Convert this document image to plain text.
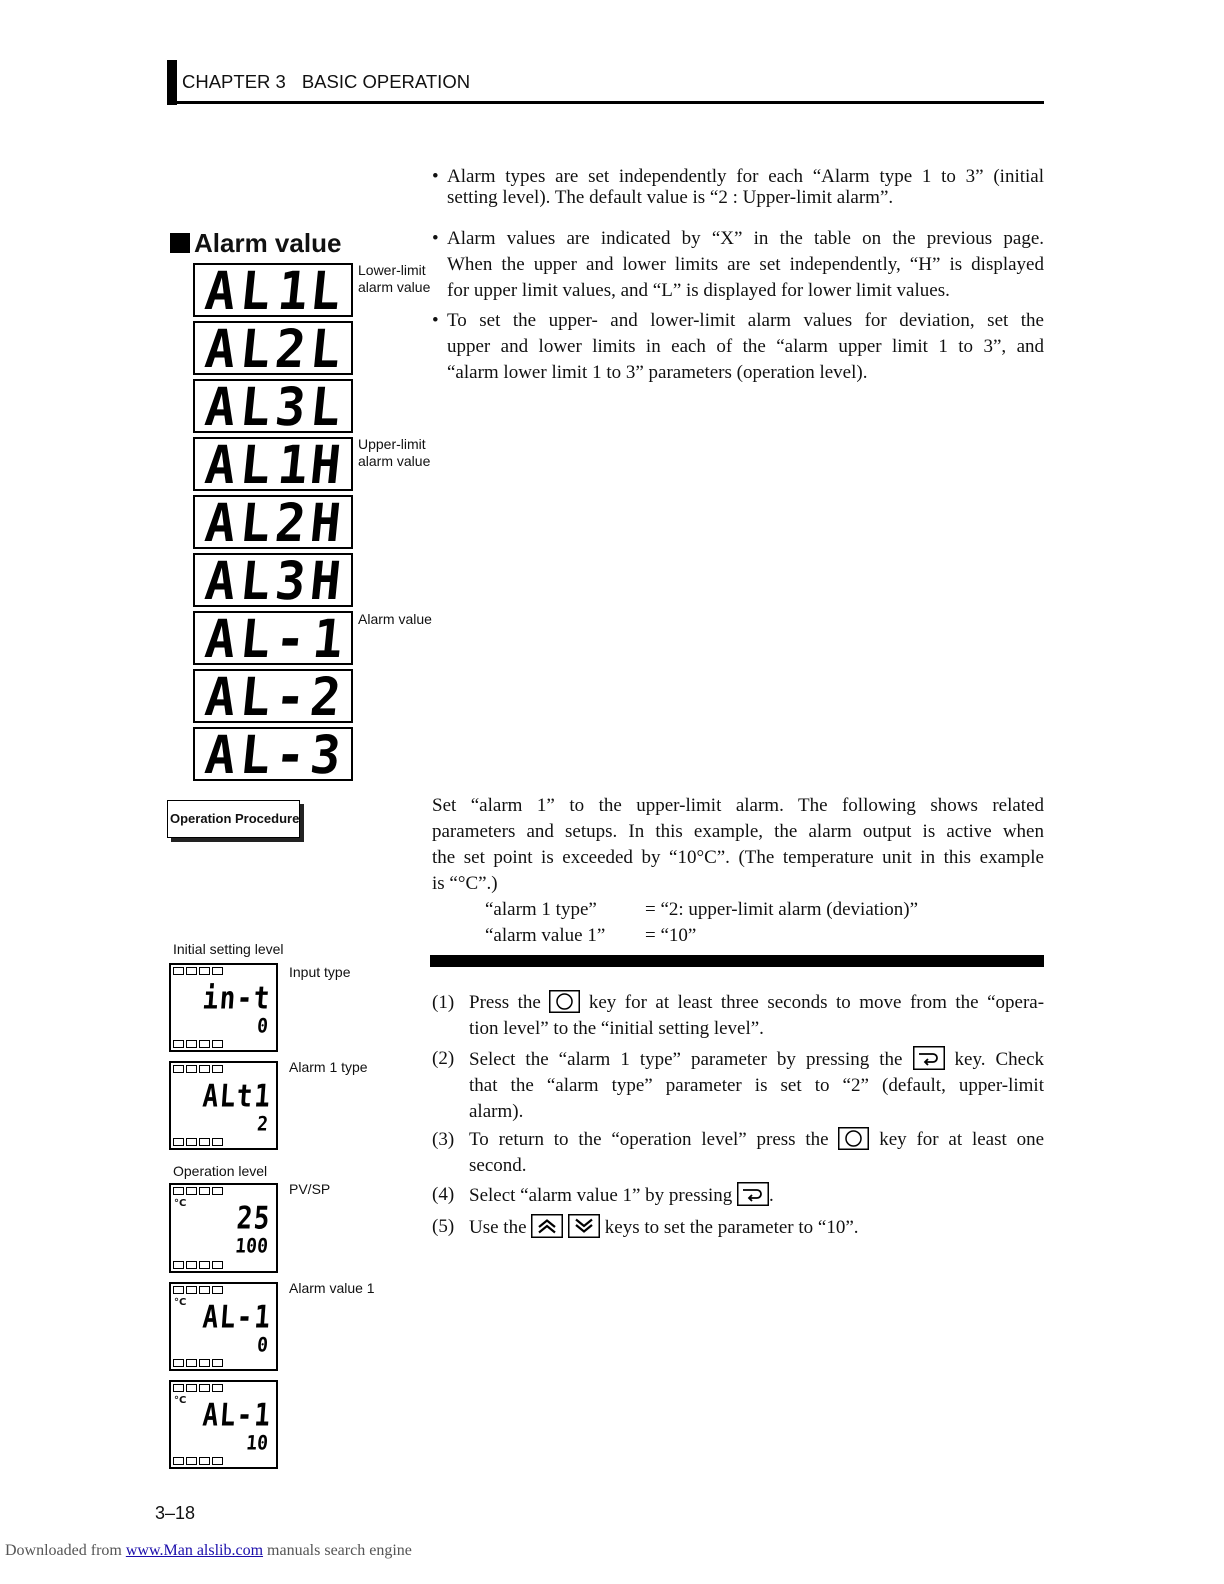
CHAPTER 3 BASIC OPERATION
• Alarm types are set independently for each “Alarm type 1 to 3” (initial
setting level). The default value is “2 : Upper-limit alarm”.
Alarm value	• Alarm values are indicated by “X” in the table on the previous page.
When the upper and lower limits are set independently, “H” is displayed
for upper limit values, and “L” is displayed for lower limit values.
• To set the upper- and lower-limit alarm values for deviation, set the
upper and lower limits in each of the “alarm upper limit 1 to 3”, and
“alarm lower limit 1 to 3” parameters (operation level).
A
L 1
L
A
L
2
L
A
L
3
L
A
L 1
H
A
L
2
H
A
L
3
H
A
L
- 1
A
L
-
2
A
L
-
3
Lower-limit
alarm value
Upper-limit
alarm value
Alarm value
Operation Procedure
Set “alarm 1” to the upper-limit alarm. The following shows related
parameters and setups. In this example, the alarm output is active when
the set point is exceeded by “10°C”. (The temperature unit in this example
is “°C”.)
“alarm 1 type”	= “2: upper-limit alarm (deviation)”
“alarm value 1” = “10”
(1) Press the	key for at least three seconds to move from the “opera-
tion level” to the “initial setting level”.
(2) Select the “alarm 1 type” parameter by pressing the	key. Check
that the “alarm type” parameter is set to “2” (default, upper-limit
alarm).
(3) To return to the “operation level” press the	key for at least one
second.
(4) Select “alarm value 1” by pressing .
(5) Use the	keys to set the parameter to “10”.
Initial setting level
i
n
-
t
0
Input type
A
L
t 1
2
Alarm 1 type
Operation level
°C 2
5
1
0
0
PV/SP
°C A
L
- 1
0
Alarm value 1
°C A
L
- 1
1
0
3–18
Downloaded from www.Man alslib.com manuals search engine
